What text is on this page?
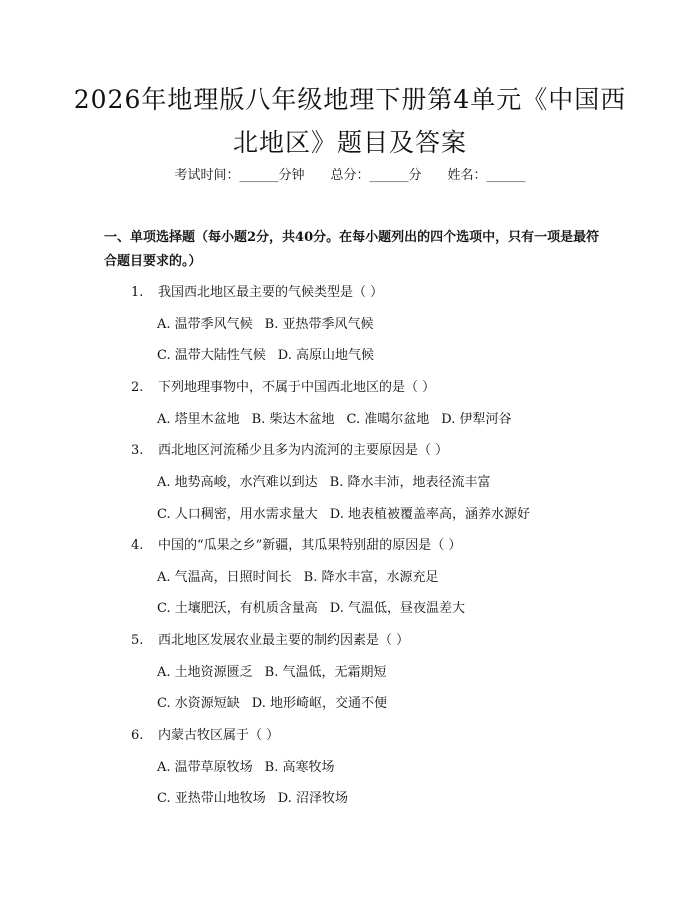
2026年地理版八年级地理下册第4单元《中国西北地区》题目及答案
考试时间：______分钟 总分：______分 姓名：______

一、单项选择题（每小题2分，共40分。在每小题列出的四个选项中，只有一项是最符合题目要求的。）

1. 我国西北地区最主要的气候类型是（ ）
A. 温带季风气候 B. 亚热带季风气候
C. 温带大陆性气候 D. 高原山地气候
2. 下列地理事物中，不属于中国西北地区的是（ ）
A. 塔里木盆地 B. 柴达木盆地 C. 准噶尔盆地 D. 伊犁河谷
3. 西北地区河流稀少且多为内流河的主要原因是（ ）
A. 地势高峻，水汽难以到达 B. 降水丰沛，地表径流丰富
C. 人口稠密，用水需求量大 D. 地表植被覆盖率高，涵养水源好
4. 中国的“瓜果之乡”新疆，其瓜果特别甜的原因是（ ）
A. 气温高，日照时间长 B. 降水丰富，水源充足
C. 土壤肥沃，有机质含量高 D. 气温低，昼夜温差大
5. 西北地区发展农业最主要的制约因素是（ ）
A. 土地资源匮乏 B. 气温低，无霜期短
C. 水资源短缺 D. 地形崎岖，交通不便
6. 内蒙古牧区属于（ ）
A. 温带草原牧场 B. 高寒牧场
C. 亚热带山地牧场 D. 沼泽牧场
